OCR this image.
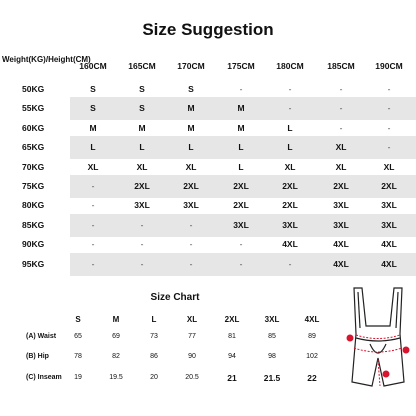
Size Suggestion
Weight(KG)/Height(CM)
160CM	165CM	170CM	175CM	180CM	185CM	190CM
50KG	S	S	S	-	-	-	-
55KG	S	S	M	M	-	-	-
60KG	M	M	M	M	L	-	-
65KG	L	L	L	L	L	XL	-
70KG	XL	XL	XL	L	XL	XL	XL
75KG	-	2XL	2XL	2XL	2XL	2XL	2XL
80KG	-	3XL	3XL	2XL	2XL	3XL	3XL
85KG	-	-	-	3XL	3XL	3XL	3XL
90KG	-	-	-	-	4XL	4XL	4XL
95KG	-	-	-	-	-	4XL	4XL
Size Chart
S	M	L	XL	2XL	3XL	4XL
(A) Waist	65	69	73	77	81	85	89
(B) Hip	78	82	86	90	94	98	102
(C) Inseam	19	19.5	20	20.5	21	21.5	22
